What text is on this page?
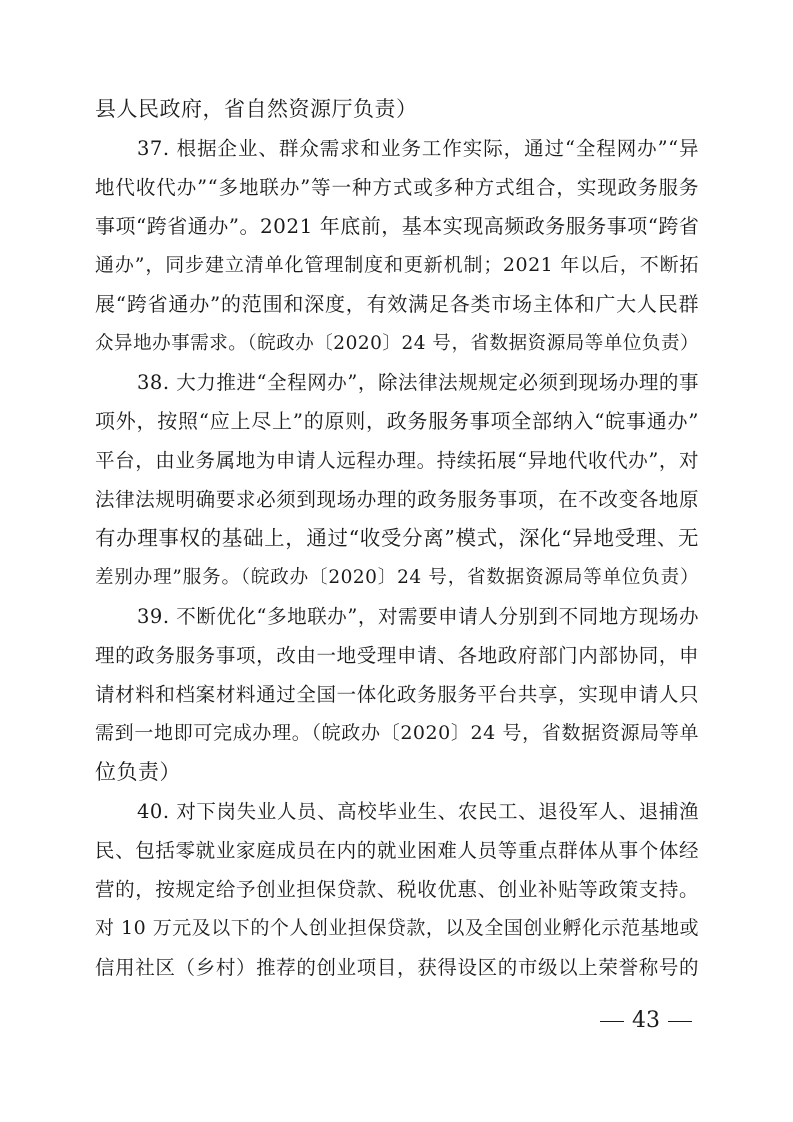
县人民政府，省自然资源厅负责）
37. 根据企业、群众需求和业务工作实际，通过“全程网办”“异
地代收代办”“多地联办”等一种方式或多种方式组合，实现政务服务
事项“跨省通办”。2021 年底前，基本实现高频政务服务事项“跨省
通办”，同步建立清单化管理制度和更新机制；2021 年以后，不断拓
展“跨省通办”的范围和深度，有效满足各类市场主体和广大人民群
众异地办事需求。（皖政办〔2020〕24 号，省数据资源局等单位负责）
38. 大力推进“全程网办”，除法律法规规定必须到现场办理的事
项外，按照“应上尽上”的原则，政务服务事项全部纳入“皖事通办”
平台，由业务属地为申请人远程办理。持续拓展“异地代收代办”，对
法律法规明确要求必须到现场办理的政务服务事项，在不改变各地原
有办理事权的基础上，通过“收受分离”模式，深化“异地受理、无
差别办理”服务。（皖政办〔2020〕24 号，省数据资源局等单位负责）
39. 不断优化“多地联办”，对需要申请人分别到不同地方现场办
理的政务服务事项，改由一地受理申请、各地政府部门内部协同，申
请材料和档案材料通过全国一体化政务服务平台共享，实现申请人只
需到一地即可完成办理。（皖政办〔2020〕24 号，省数据资源局等单
位负责）
40. 对下岗失业人员、高校毕业生、农民工、退役军人、退捕渔
民、包括零就业家庭成员在内的就业困难人员等重点群体从事个体经
营的，按规定给予创业担保贷款、税收优惠、创业补贴等政策支持。
对 10 万元及以下的个人创业担保贷款，以及全国创业孵化示范基地或
信用社区（乡村）推荐的创业项目，获得设区的市级以上荣誉称号的
43
